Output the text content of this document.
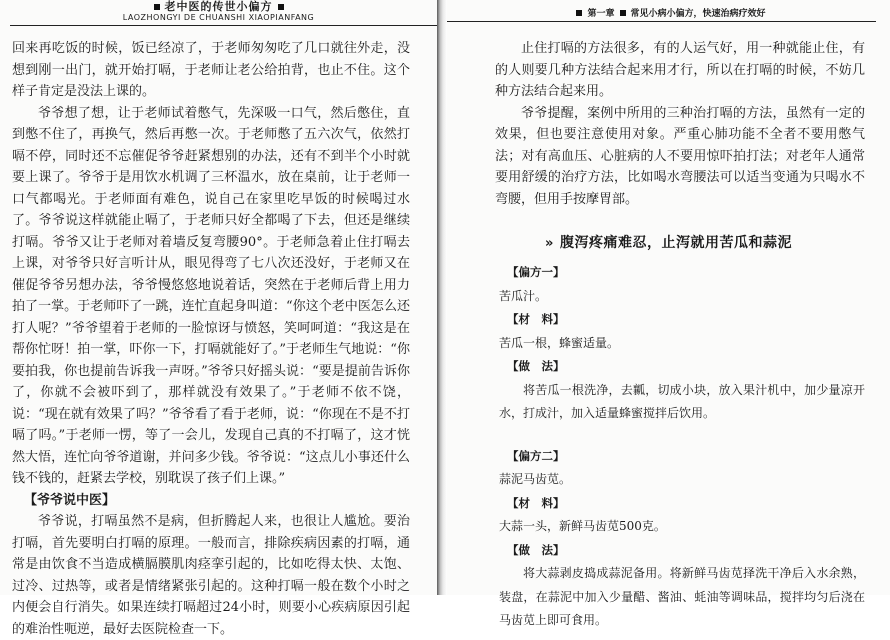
老中医的传世小偏方
LAOZHONGYI DE CHUANSHI XIAOPIANFANG

回来再吃饭的时候，饭已经凉了，于老师匆匆吃了几口就往外走，没想到刚一出门，就开始打嗝，于老师让老公给拍背，也止不住。这个样子肯定是没法上课的。

爷爷想了想，让于老师试着憋气，先深吸一口气，然后憋住，直到憋不住了，再换气，然后再憋一次。于老师憋了五六次气，依然打嗝不停，同时还不忘催促爷爷赶紧想别的办法，还有不到半个小时就要上课了。爷爷于是用饮水机调了三杯温水，放在桌前，让于老师一口气都喝光。于老师面有难色，说自己在家里吃早饭的时候喝过水了。爷爷说这样就能止嗝了，于老师只好全都喝了下去，但还是继续打嗝。爷爷又让于老师对着墙反复弯腰90°。于老师急着止住打嗝去上课，对爷爷只好言听计从，眼见得弯了七八次还没好，于老师又在催促爷爷另想办法，爷爷慢悠悠地说着话，突然在于老师后背上用力拍了一掌。于老师吓了一跳，连忙直起身叫道：“你这个老中医怎么还打人呢？”爷爷望着于老师的一脸惊讶与愤怒，笑呵呵道：“我这是在帮你忙呀！拍一掌，吓你一下，打嗝就能好了。”于老师生气地说：“你要拍我，你也提前告诉我一声呀。”爷爷只好摇头说：“要是提前告诉你了，你就不会被吓到了，那样就没有效果了。”于老师不依不饶，说：“现在就有效果了吗？”爷爷看了看于老师，说：“你现在不是不打嗝了吗。”于老师一愣，等了一会儿，发现自己真的不打嗝了，这才恍然大悟，连忙向爷爷道谢，并问多少钱。爷爷说：“这点儿小事还什么钱不钱的，赶紧去学校，别耽误了孩子们上课。”

【爷爷说中医】

爷爷说，打嗝虽然不是病，但折腾起人来，也很让人尴尬。要治打嗝，首先要明白打嗝的原理。一般而言，排除疾病因素的打嗝，通常是由饮食不当造成横膈膜肌肉痉挛引起的，比如吃得太快、太饱、过冷、过热等，或者是情绪紧张引起的。这种打嗝一般在数个小时之内便会自行消失。如果连续打嗝超过24小时，则要小心疾病原因引起的难治性呃逆，最好去医院检查一下。

第一章 常见小病小偏方，快速治病疗效好

止住打嗝的方法很多，有的人运气好，用一种就能止住，有的人则要几种方法结合起来用才行，所以在打嗝的时候，不妨几种方法结合起来用。

爷爷提醒，案例中所用的三种治打嗝的方法，虽然有一定的效果，但也要注意使用对象。严重心肺功能不全者不要用憋气法；对有高血压、心脏病的人不要用惊吓拍打法；对老年人通常要用舒缓的治疗方法，比如喝水弯腰法可以适当变通为只喝水不弯腰，但用手按摩胃部。

» 腹泻疼痛难忍，止泻就用苦瓜和蒜泥

【偏方一】

苦瓜汁。

【材　料】

苦瓜一根，蜂蜜适量。

【做　法】

将苦瓜一根洗净，去瓤，切成小块，放入果汁机中，加少量凉开水，打成汁，加入适量蜂蜜搅拌后饮用。

【偏方二】

蒜泥马齿苋。

【材　料】

大蒜一头，新鲜马齿苋500克。

【做　法】

将大蒜剥皮捣成蒜泥备用。将新鲜马齿苋择洗干净后入水余熟，装盘，在蒜泥中加入少量醋、酱油、蚝油等调味品，搅拌均匀后浇在马齿苋上即可食用。
